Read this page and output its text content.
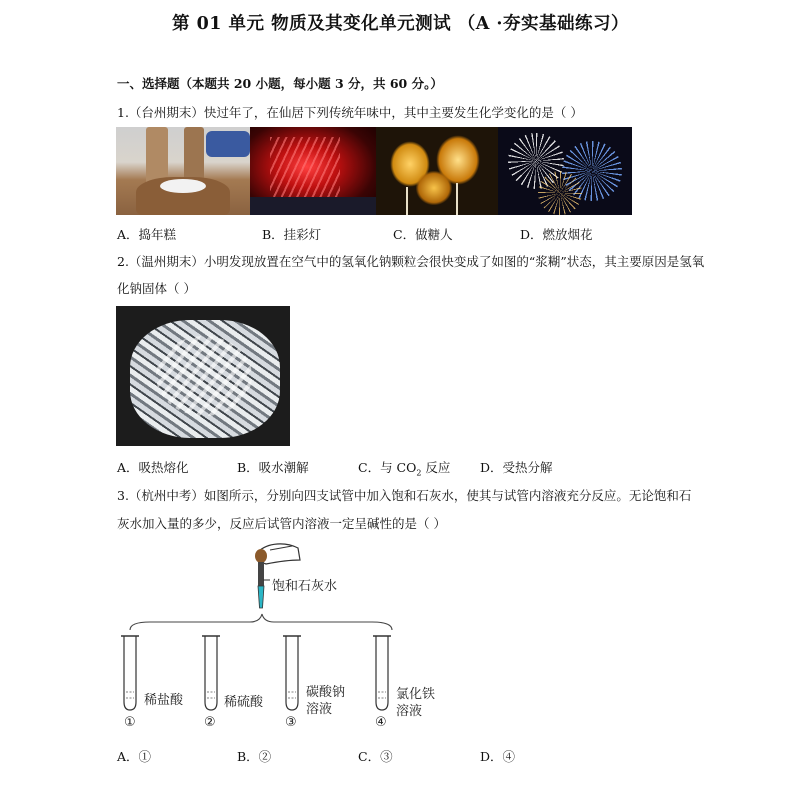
第 01 单元 物质及其变化单元测试 （A ·夯实基础练习）
一、选择题（本题共 20 小题，每小题 3 分，共 60 分。）
1.（台州期末）快过年了，在仙居下列传统年味中，其中主要发生化学变化的是（ ）
A．捣年糕	B．挂彩灯	C．做糖人	D．燃放烟花
2.（温州期末）小明发现放置在空气中的氢氧化钠颗粒会很快变成了如图的“浆糊”状态，其主要原因是氢氧
化钠固体（ ）
A．吸热熔化	B．吸水潮解	C．与 $CO_2$ 反应 D．受热分解
3.（杭州中考）如图所示，分别向四支试管中加入饱和石灰水，使其与试管内溶液充分反应。无论饱和石
灰水加入量的多少，反应后试管内溶液一定呈碱性的是（ ）
饱和石灰水
稀盐酸	稀硫酸
碳酸钠
溶液
氯化铁
溶液
①	②	③	④
A．①	B．②	C．③	D．④
